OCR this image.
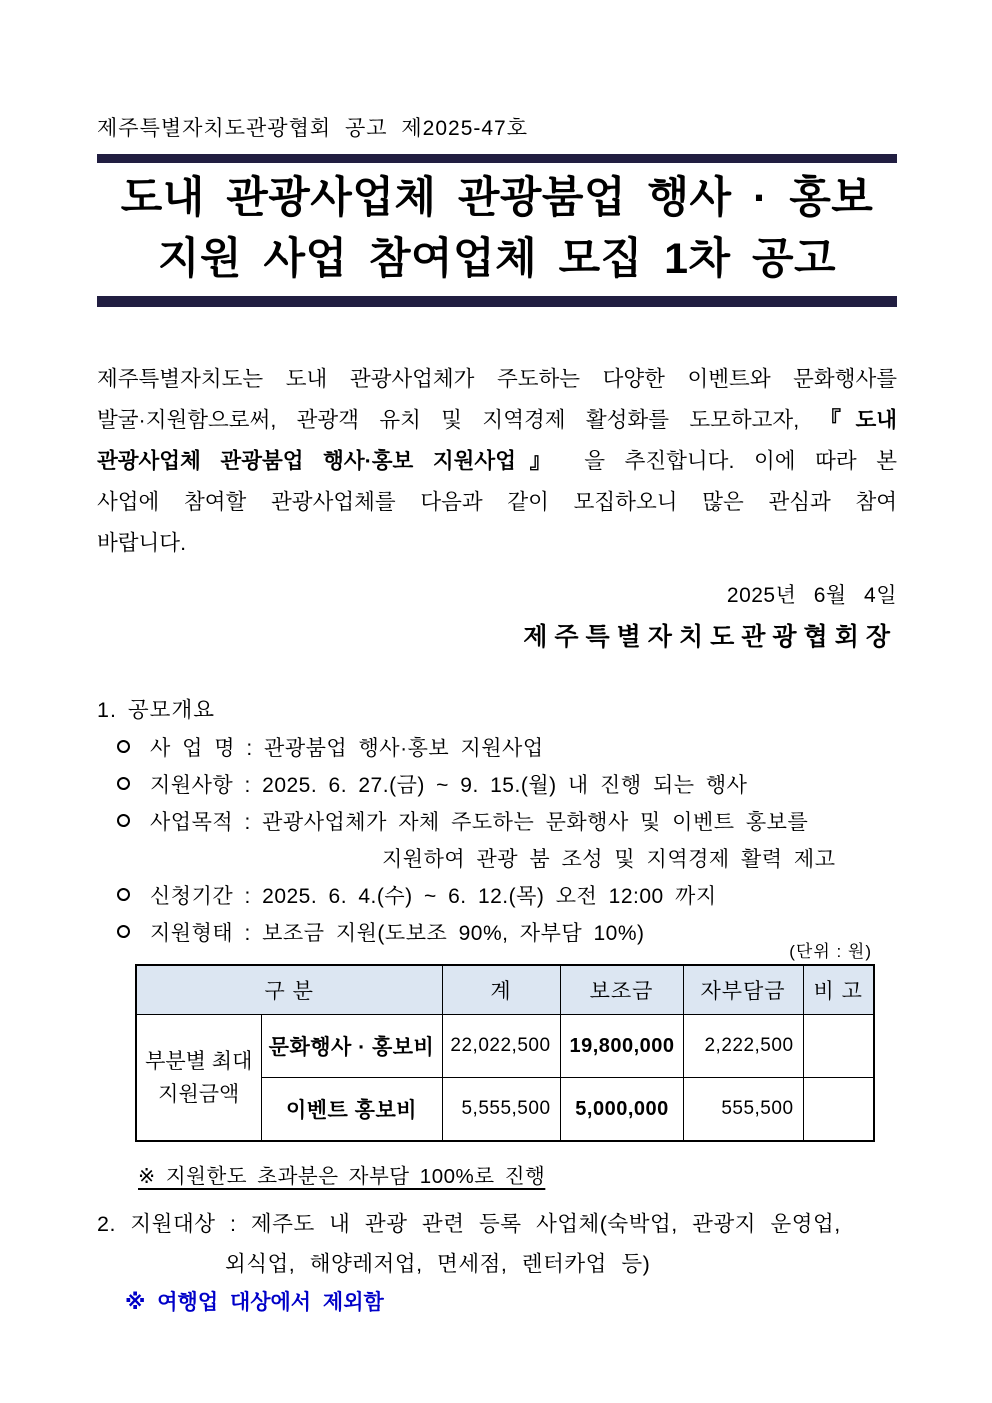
제주특별자치도관광협회 공고 제2025-47호
도내 관광사업체 관광붐업 행사 · 홍보
지원 사업 참여업체 모집 1차 공고
제주특별자치도는 도내 관광사업체가 주도하는 다양한 이벤트와 문화행사를
발굴·지원함으로써, 관광객 유치 및 지역경제 활성화를 도모하고자, 『도내
관광사업체 관광붐업 행사·홍보 지원사업』 을 추진합니다. 이에 따라 본
사업에 참여할 관광사업체를 다음과 같이 모집하오니 많은 관심과 참여
바랍니다.
2025년 6월 4일
제주특별자치도관광협회장
1. 공모개요
사 업 명 : 관광붐업 행사·홍보 지원사업
지원사항 : 2025. 6. 27.(금) ~ 9. 15.(월) 내 진행 되는 행사
사업목적 : 관광사업체가 자체 주도하는 문화행사 및 이벤트 홍보를
지원하여 관광 붐 조성 및 지역경제 활력 제고
신청기간 : 2025. 6. 4.(수) ~ 6. 12.(목) 오전 12:00 까지
지원형태 : 보조금 지원(도보조 90%, 자부담 10%)
(단위 : 원)
구 분		계	보조금	자부담금	비 고
부분별 최대 지원금액	문화행사 · 홍보비	22,022,500	19,800,000	2,222,500	
	이벤트 홍보비	5,555,500	5,000,000	555,500	
※ 지원한도 초과분은 자부담 100%로 진행
2. 지원대상 : 제주도 내 관광 관련 등록 사업체(숙박업, 관광지 운영업,
외식업, 해양레저업, 면세점, 렌터카업 등)
※ 여행업 대상에서 제외함
